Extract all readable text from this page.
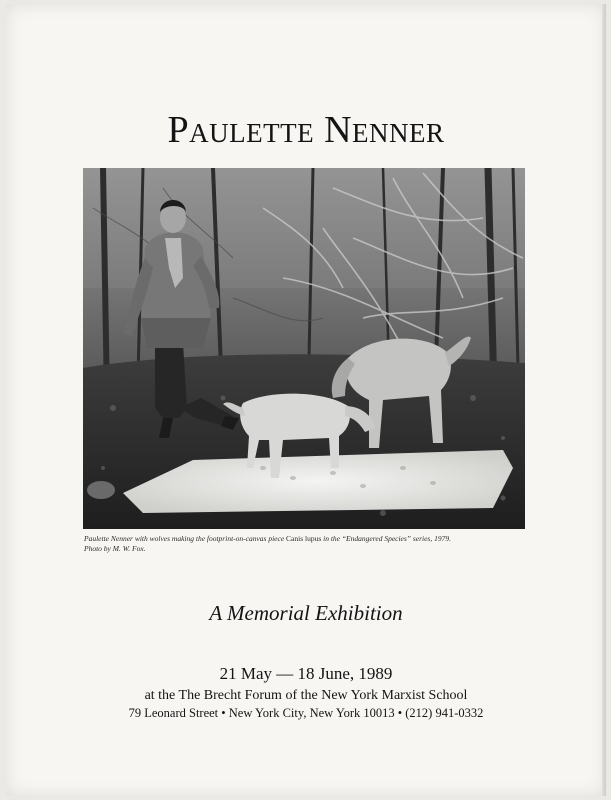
Paulette Nenner
Paulette Nenner with wolves making the footprint-on-canvas piece Canis lupus in the “Endangered Species” series, 1979.
Photo by M. W. Fox.
A Memorial Exhibition
21 May — 18 June, 1989
at the The Brecht Forum of the New York Marxist School
79 Leonard Street • New York City, New York 10013 • (212) 941-0332
